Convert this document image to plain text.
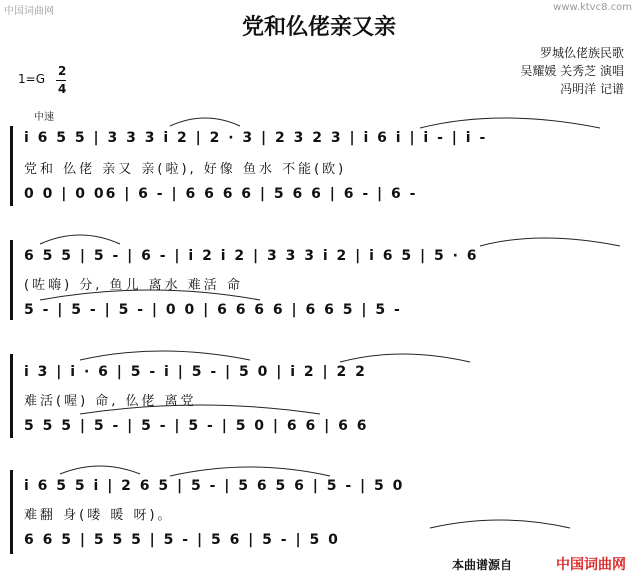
中国词曲网	www.ktvc8.com
党和仫佬亲又亲
罗城仫佬族民歌
吴耀媛 关秀芝 演唱
冯明洋 记谱
1=G
2
4
中速
i 6 5 5 | 3 3 3 i 2 | 2 · 3 | 2 3 2 3 | i 6 i | i - | i -
党和 仫佬 亲又 亲(啦), 好像 鱼水 不能(欧)
0 0 | 0 06 | 6 - | 6 6 6 6 | 5 6 6 | 6 - | 6 -
6 5 5 | 5 - | 6 - | i 2 i 2 | 3 3 3 i 2 | i 6 5 | 5 · 6
(咗嗨) 分, 鱼儿 离水 难活 命
5 - | 5 - | 5 - | 0 0 | 6 6 6 6 | 6 6 5 | 5 -
i 3 | i · 6 | 5 - i | 5 - | 5 0 | i 2 | 2 2
难活(喔) 命, 仫佬 离党
5 5 5 | 5 - | 5 - | 5 - | 5 0 | 6 6 | 6 6
i 6 5 5 i | 2 6 5 | 5 - | 5 6 5 6 | 5 - | 5 0
难翻 身(喽 暖 呀)。
6 6 5 | 5 5 5 | 5 - | 5 6 | 5 - | 5 0
本曲谱源自	中国词曲网
